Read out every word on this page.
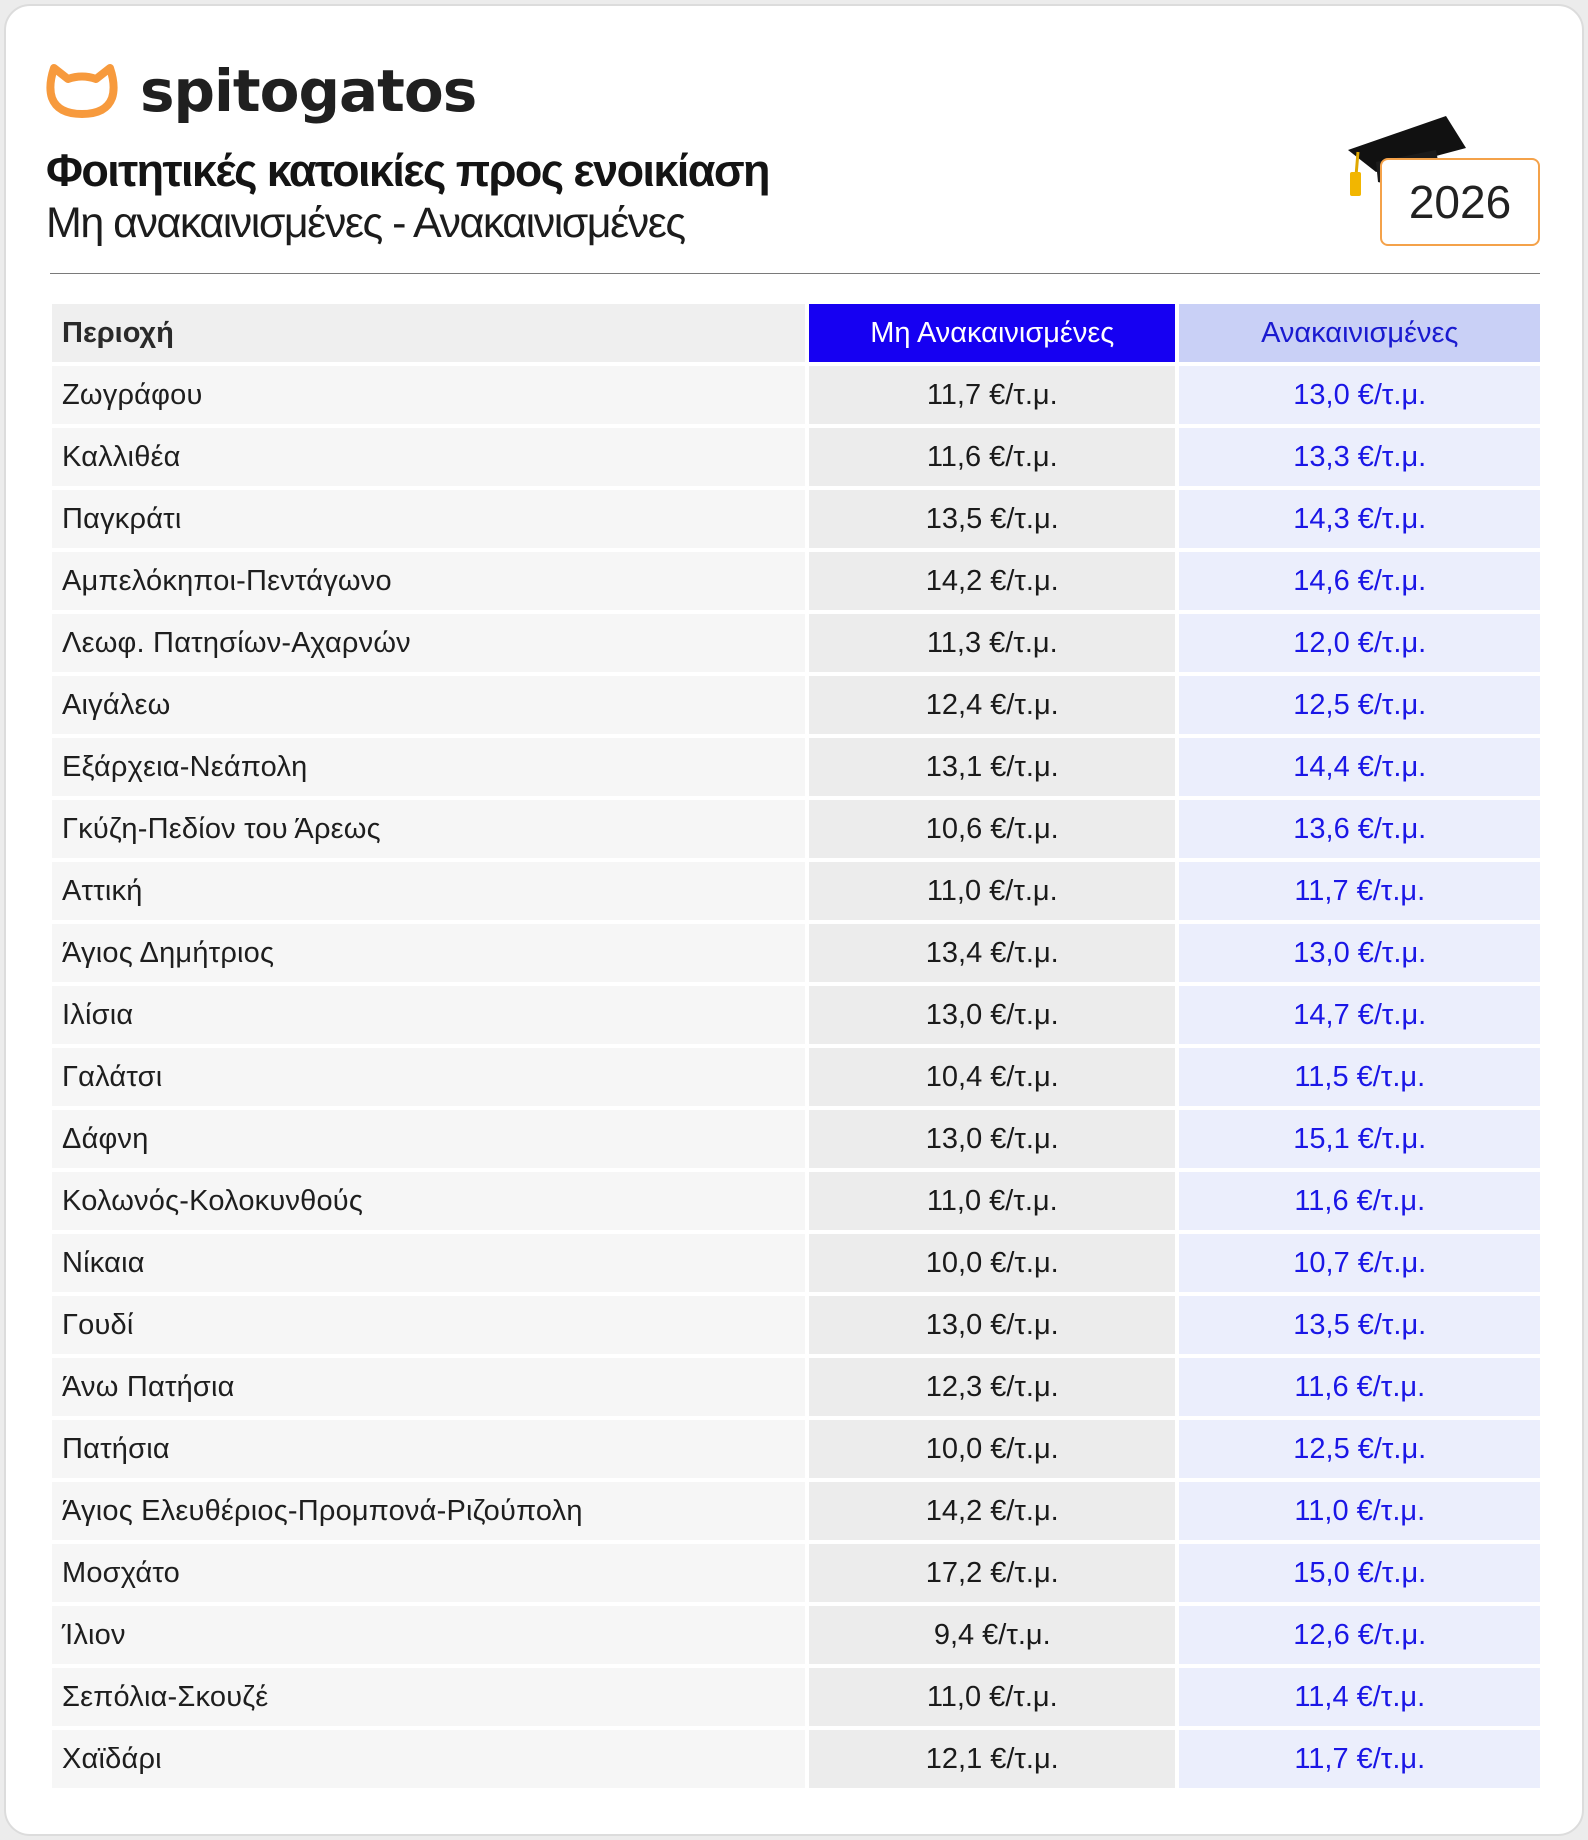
spitogatos
Φοιτητικές κατοικίες προς ενοικίαση
Μη ανακαινισμένες - Ανακαινισμένες	2026
Περιοχή		Μη Ανακαινισμένες		Ανακαινισμένες
Ζωγράφου		11,7 €/τ.μ.		13,0 €/τ.μ.
Καλλιθέα		11,6 €/τ.μ.		13,3 €/τ.μ.
Παγκράτι		13,5 €/τ.μ.		14,3 €/τ.μ.
Αμπελόκηποι-Πεντάγωνο		14,2 €/τ.μ.		14,6 €/τ.μ.
Λεωφ. Πατησίων-Αχαρνών		11,3 €/τ.μ.		12,0 €/τ.μ.
Αιγάλεω		12,4 €/τ.μ.		12,5 €/τ.μ.
Εξάρχεια-Νεάπολη		13,1 €/τ.μ.		14,4 €/τ.μ.
Γκύζη-Πεδίον του Άρεως		10,6 €/τ.μ.		13,6 €/τ.μ.
Αττική		11,0 €/τ.μ.		11,7 €/τ.μ.
Άγιος Δημήτριος		13,4 €/τ.μ.		13,0 €/τ.μ.
Ιλίσια		13,0 €/τ.μ.		14,7 €/τ.μ.
Γαλάτσι		10,4 €/τ.μ.		11,5 €/τ.μ.
Δάφνη		13,0 €/τ.μ.		15,1 €/τ.μ.
Κολωνός-Κολοκυνθούς		11,0 €/τ.μ.		11,6 €/τ.μ.
Νίκαια		10,0 €/τ.μ.		10,7 €/τ.μ.
Γουδί		13,0 €/τ.μ.		13,5 €/τ.μ.
Άνω Πατήσια		12,3 €/τ.μ.		11,6 €/τ.μ.
Πατήσια		10,0 €/τ.μ.		12,5 €/τ.μ.
Άγιος Ελευθέριος-Προμπονά-Ριζούπολη		14,2 €/τ.μ.		11,0 €/τ.μ.
Μοσχάτο		17,2 €/τ.μ.		15,0 €/τ.μ.
Ίλιον		9,4 €/τ.μ.		12,6 €/τ.μ.
Σεπόλια-Σκουζέ		11,0 €/τ.μ.		11,4 €/τ.μ.
Χαϊδάρι		12,1 €/τ.μ.		11,7 €/τ.μ.
